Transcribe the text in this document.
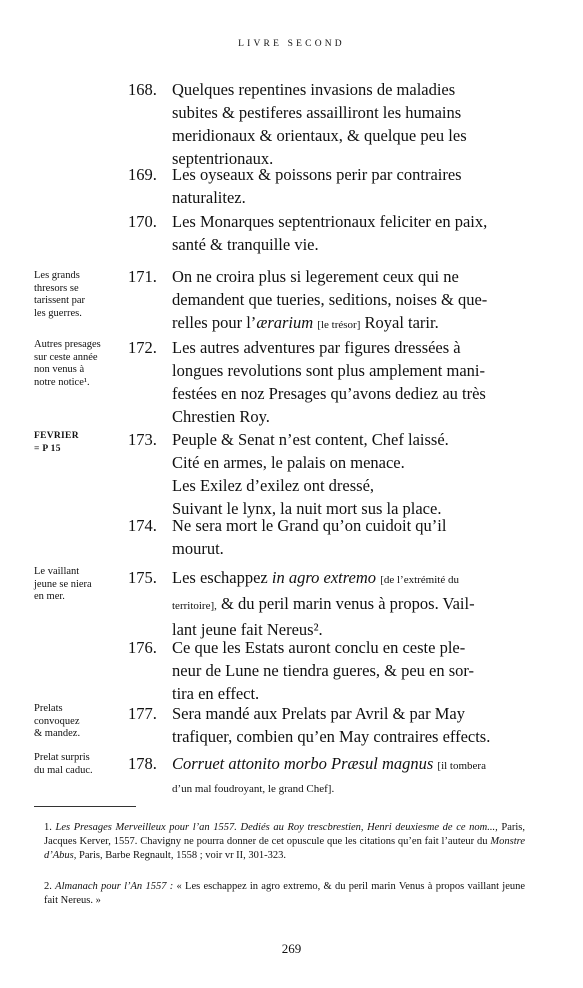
LIVRE SECOND
168. Quelques repentines invasions de maladies
subites & pestiferes assailliront les humains
meridionaux & orientaux, & quelque peu les
septentrionaux.
169. Les oyseaux & poissons perir par contraires
naturalitez.
170. Les Monarques septentrionaux feliciter en paix,
santé & tranquille vie.
171. On ne croira plus si legerement ceux qui ne
demandent que tueries, seditions, noises & que-
relles pour l’ærarium [le trésor] Royal tarir.
172. Les autres adventures par figures dressées à
longues revolutions sont plus amplement mani-
festées en noz Presages qu’avons dediez au très
Chrestien Roy.
173. Peuple & Senat n’est content, Chef laissé.
Cité en armes, le palais on menace.
Les Exilez d’exilez ont dressé,
Suivant le lynx, la nuit mort sus la place.
174. Ne sera mort le Grand qu’on cuidoit qu’il
mourut.
175. Les eschappez in agro extremo [de l’extrémité du
territoire], & du peril marin venus à propos. Vail-
lant jeune fait Nereus².
176. Ce que les Estats auront conclu en ceste ple-
neur de Lune ne tiendra gueres, & peu en sor-
tira en effect.
177. Sera mandé aux Prelats par Avril & par May
trafiquer, combien qu’en May contraires effects.
178. Corruet attonito morbo Præsul magnus [il tombera
d’un mal foudroyant, le grand Chef].
Les grands
thresors se
tarissent par
les guerres.
Autres presages
sur ceste année
non venus à
notre notice¹.
FEVRIER
= P 15
Le vaillant
jeune se niera
en mer.
Prelats
convoquez
& mandez.
Prelat surpris
du mal caduc.
1. Les Presages Merveilleux pour l’an 1557. Dediés au Roy trescbrestien, Henri deuxiesme de ce nom..., Paris, Jacques Kerver, 1557. Chavigny ne pourra donner de cet opuscule que les citations qu’en fait l’auteur du Monstre d’Abus, Paris, Barbe Regnault, 1558 ; voir vr II, 301-323.
2. Almanach pour l’An 1557 : « Les eschappez in agro extremo, & du peril marin Venus à propos vaillant jeune fait Nereus. »
269
